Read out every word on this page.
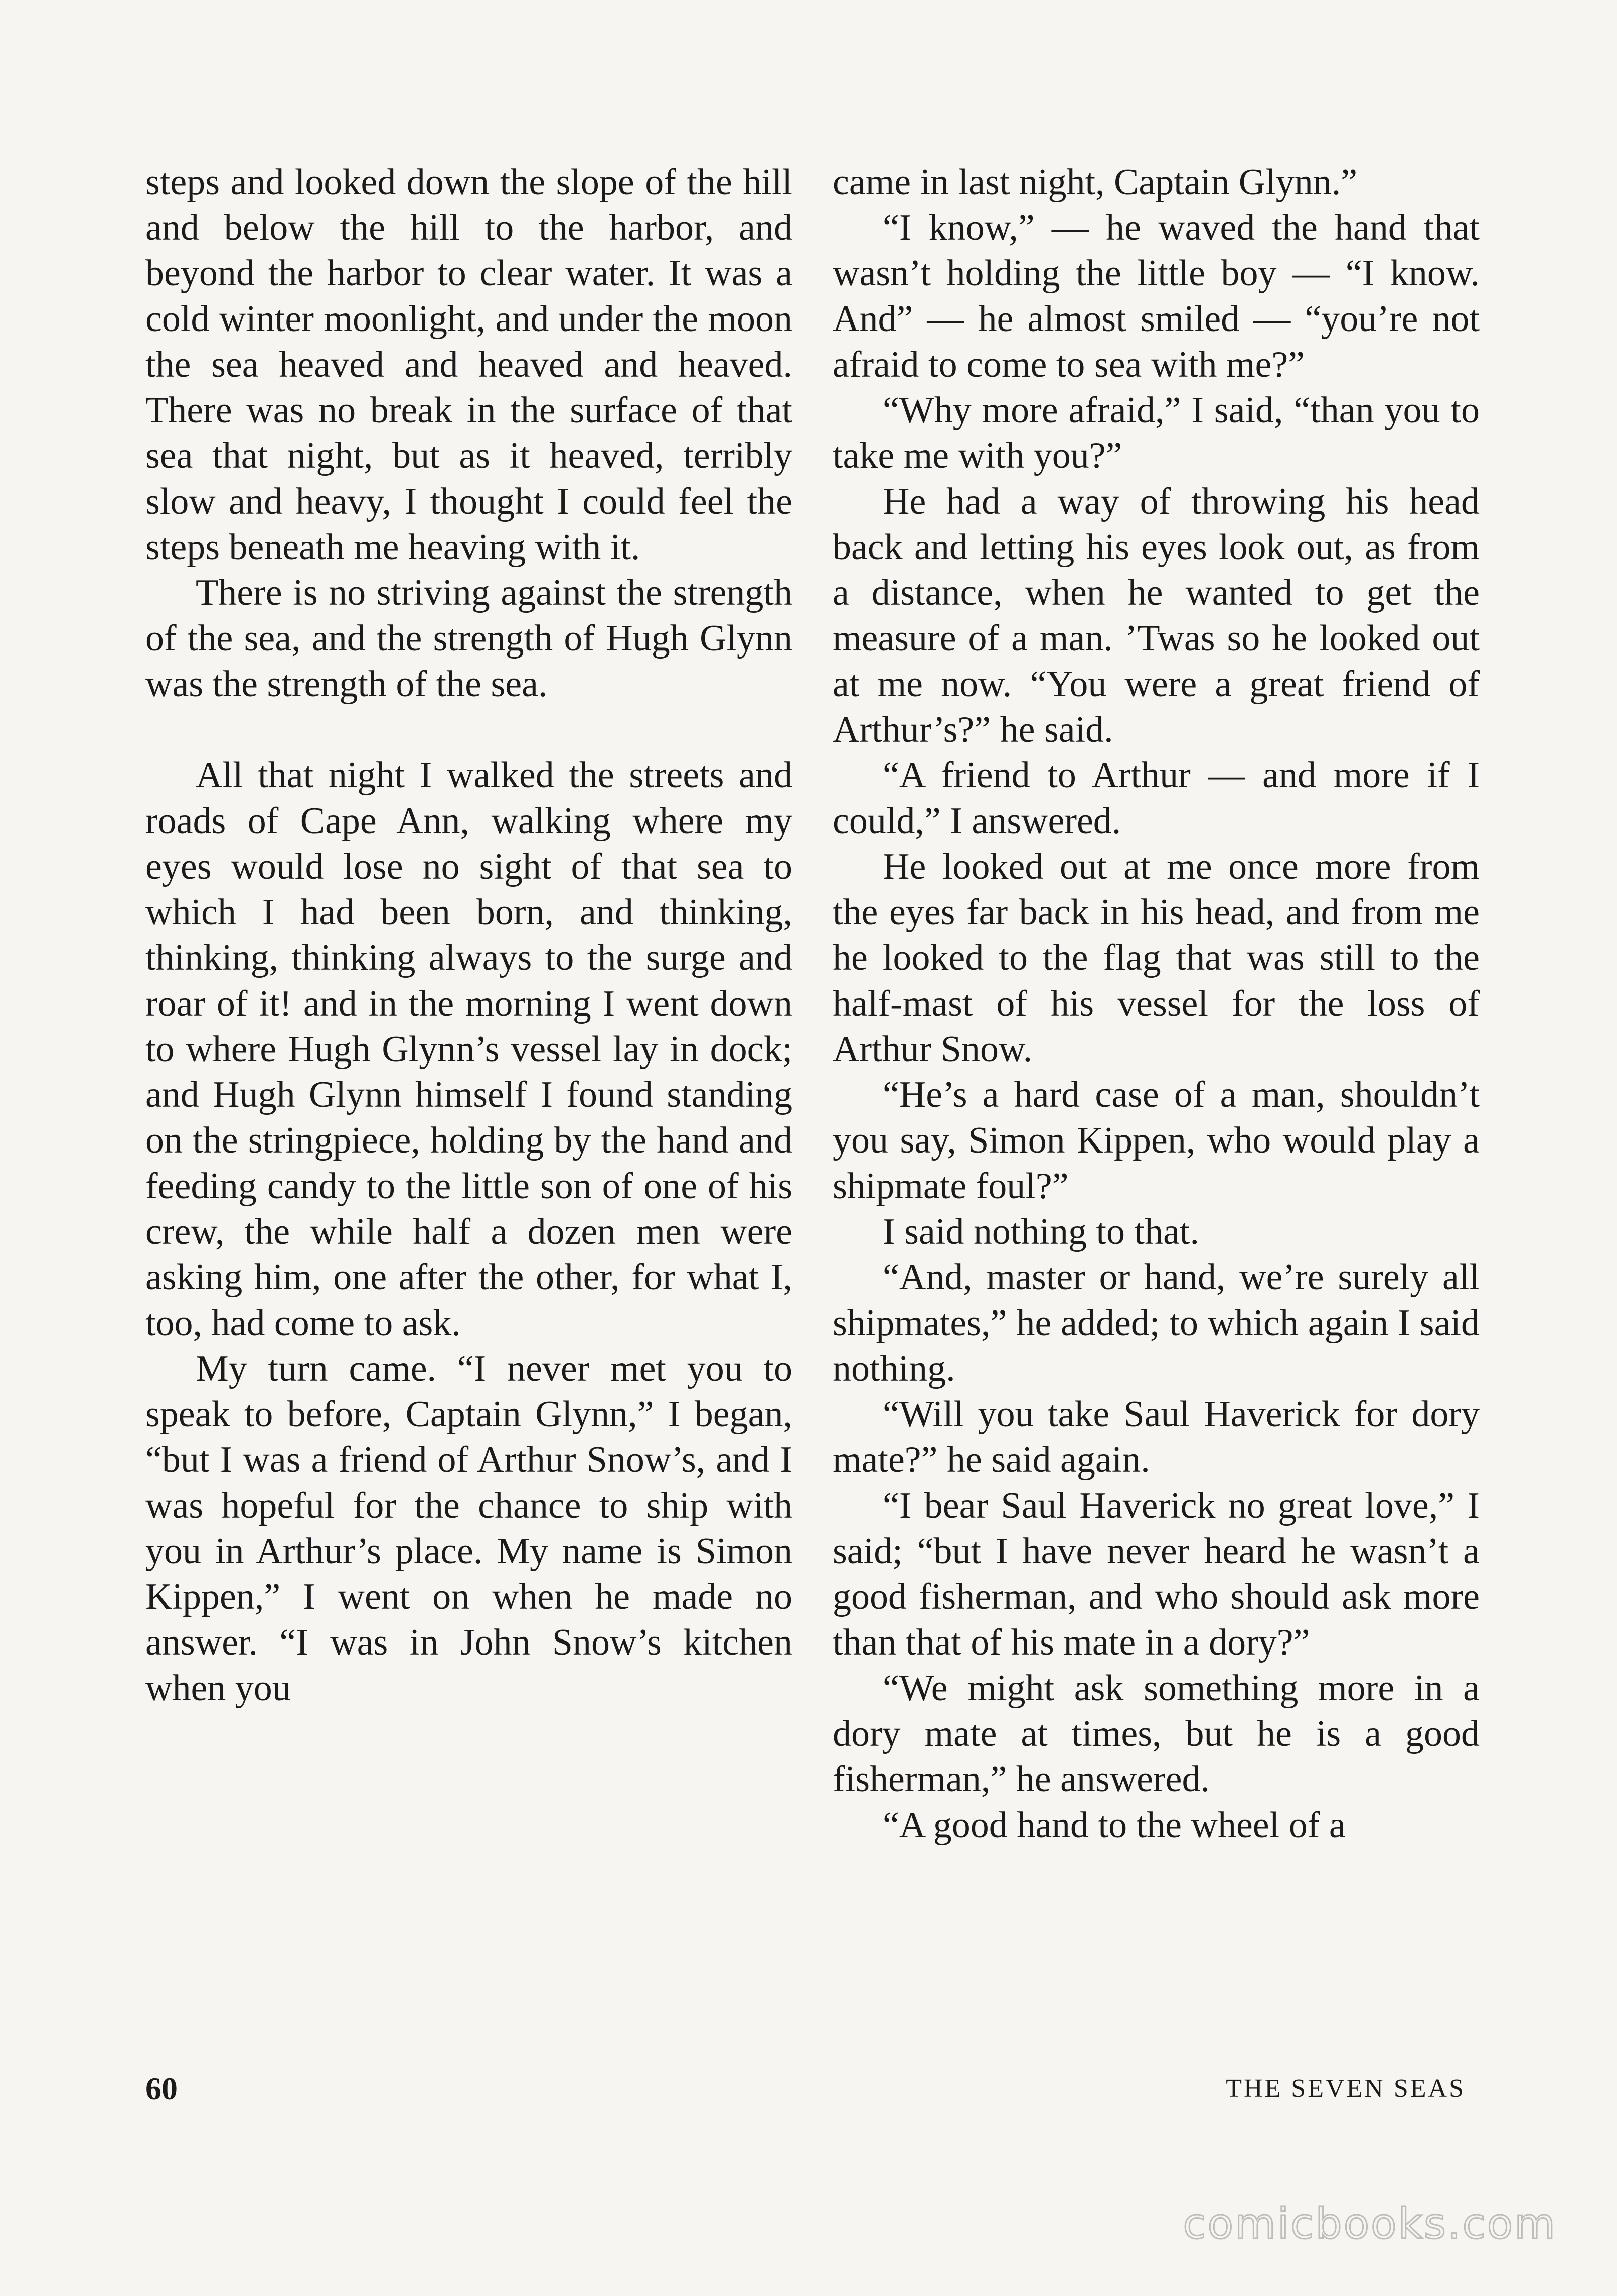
steps and looked down the slope of the hill and below the hill to the harbor, and beyond the harbor to clear water. It was a cold winter moonlight, and under the moon the sea heaved and heaved and heaved. There was no break in the surface of that sea that night, but as it heaved, terribly slow and heavy, I thought I could feel the steps beneath me heaving with it.

There is no striving against the strength of the sea, and the strength of Hugh Glynn was the strength of the sea.

All that night I walked the streets and roads of Cape Ann, walking where my eyes would lose no sight of that sea to which I had been born, and thinking, thinking, thinking always to the surge and roar of it! and in the morning I went down to where Hugh Glynn’s vessel lay in dock; and Hugh Glynn himself I found standing on the stringpiece, holding by the hand and feeding candy to the little son of one of his crew, the while half a dozen men were asking him, one after the other, for what I, too, had come to ask.

My turn came. “I never met you to speak to before, Captain Glynn,” I began, “but I was a friend of Arthur Snow’s, and I was hopeful for the chance to ship with you in Arthur’s place. My name is Simon Kippen,” I went on when he made no answer. “I was in John Snow’s kitchen when you

came in last night, Captain Glynn.”

“I know,” — he waved the hand that wasn’t holding the little boy — “I know. And” — he almost smiled — “you’re not afraid to come to sea with me?”

“Why more afraid,” I said, “than you to take me with you?”

He had a way of throwing his head back and letting his eyes look out, as from a distance, when he wanted to get the measure of a man. ’Twas so he looked out at me now. “You were a great friend of Arthur’s?” he said.

“A friend to Arthur — and more if I could,” I answered.

He looked out at me once more from the eyes far back in his head, and from me he looked to the flag that was still to the half-mast of his vessel for the loss of Arthur Snow.

“He’s a hard case of a man, shouldn’t you say, Simon Kippen, who would play a shipmate foul?”

I said nothing to that.

“And, master or hand, we’re surely all shipmates,” he added; to which again I said nothing.

“Will you take Saul Haverick for dory mate?” he said again.

“I bear Saul Haverick no great love,” I said; “but I have never heard he wasn’t a good fisherman, and who should ask more than that of his mate in a dory?”

“We might ask something more in a dory mate at times, but he is a good fisherman,” he answered.

“A good hand to the wheel of a

60	THE SEVEN SEAS
comicbooks.com
